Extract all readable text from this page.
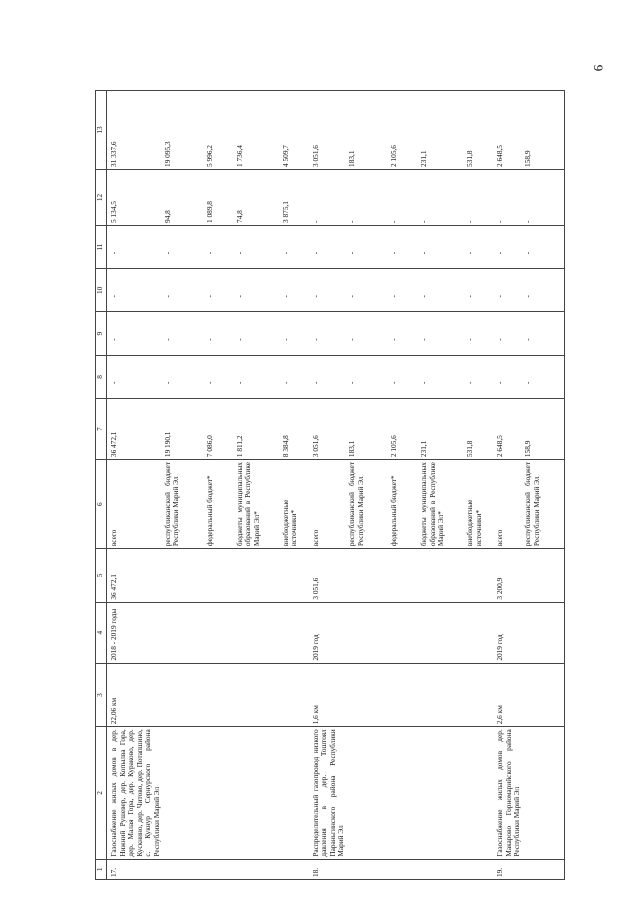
9
1	2	3	4	5	6	7	8	9	10	11	12	13
17.	Газоснабжение жилых домов в дер. Нижний Рушевер, дер. Копылва Гора, дер. Малая Гора, дер. Кураково, дер. Кускнино, дер. Читово, дер. Потапшино, с. Кукнур Сернурского района Республики Марий Эл	22,06 км	2018 - 2019 годы	36 472,1	всего	36 472,1	-	-	-	-	5 134,5	31 337,6
					республиканский бюджет Республики Марий Эл	19 190,1	-	-	-	-	94,8	19 095,3
					федеральный бюджет*	7 086,0	-	-	-	-	1 089,8	5 996,2
					бюджеты муниципальных образований в Республике Марий Эл*	1 811,2	-	-	-	-	74,8	1 736,4
					внебюджетные источники*	8 384,8	-	-	-	-	3 875,1	4 509,7
18.	Распределительный газопровод низкого давления в дер. Тоштоял Параньгинского района Республики Марий Эл	1,6 км	2019 год	3 051,6	всего	3 051,6	-	-	-	-	-	3 051,6
					республиканский бюджет Республики Марий Эл	183,1	-	-	-	-	-	183,1
					федеральный бюджет*	2 105,6	-	-	-	-	-	2 105,6
					бюджеты муниципальных образований в Республике Марий Эл*	231,1	-	-	-	-	-	231,1
					внебюджетные источники*	531,8	-	-	-	-	-	531,8
19.	Газоснабжение жилых домов дер. Макарово Горномарийского района Республики Марий Эл	2,6 км	2019 год	3 200,9	всего	2 648,5	-	-	-	-	-	2 648,5
					республиканский бюджет Республики Марий Эл	158,9	-	-	-	-	-	158,9
